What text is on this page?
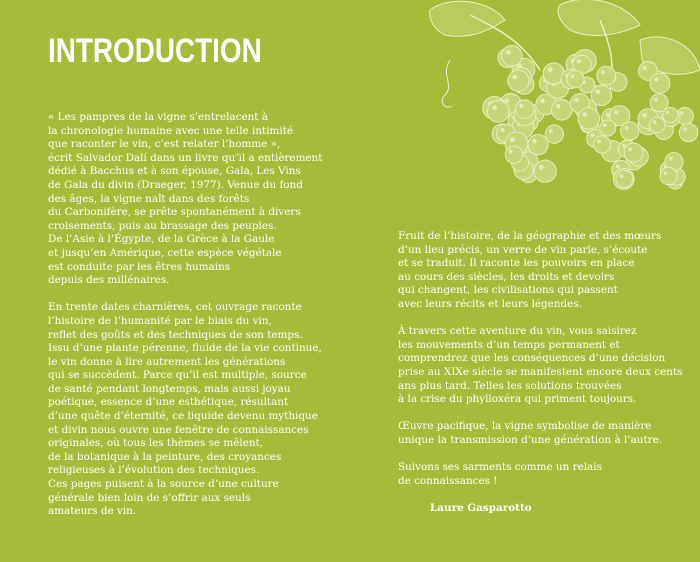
INTRODUCTION
« Les pampres de la vigne s’entrelacent à
la chronologie humaine avec une telle intimité
que raconter le vin, c’est relater l’homme »,
écrit Salvador Dalí dans un livre qu’il a entièrement
dédié à Bacchus et à son épouse, Gala, Les Vins
de Gala du divin (Draeger, 1977). Venue du fond
des âges, la vigne naît dans des forêts
du Carbonifère, se prête spontanément à divers
croisements, puis au brassage des peuples.
De l’Asie à l’Égypte, de la Grèce à la Gaule
et jusqu’en Amérique, cette espèce végétale
est conduite par les êtres humains
depuis des millénaires.
En trente dates charnières, cet ouvrage raconte
l’histoire de l’humanité par le biais du vin,
reflet des goûts et des techniques de son temps.
Issu d’une plante pérenne, fluide de la vie continue,
le vin donne à lire autrement les générations
qui se succèdent. Parce qu’il est multiple, source
de santé pendant longtemps, mais aussi joyau
poétique, essence d’une esthétique, résultant
d’une quête d’éternité, ce liquide devenu mythique
et divin nous ouvre une fenêtre de connaissances
originales, où tous les thèmes se mêlent,
de la botanique à la peinture, des croyances
religieuses à l’évolution des techniques.
Ces pages puisent à la source d’une culture
générale bien loin de s’offrir aux seuls
amateurs de vin.
Fruit de l’histoire, de la géographie et des mœurs
d’un lieu précis, un verre de vin parle, s’écoute
et se traduit. Il raconte les pouvoirs en place
au cours des siècles, les droits et devoirs
qui changent, les civilisations qui passent
avec leurs récits et leurs légendes.
À travers cette aventure du vin, vous saisirez
les mouvements d’un temps permanent et
comprendrez que les conséquences d’une décision
prise au XIXe siècle se manifestent encore deux cents
ans plus tard. Telles les solutions trouvées
à la crise du phylloxéra qui priment toujours.
Œuvre pacifique, la vigne symbolise de manière
unique la transmission d’une génération à l’autre.
Suivons ses sarments comme un relais
de connaissances !
Laure Gasparotto
